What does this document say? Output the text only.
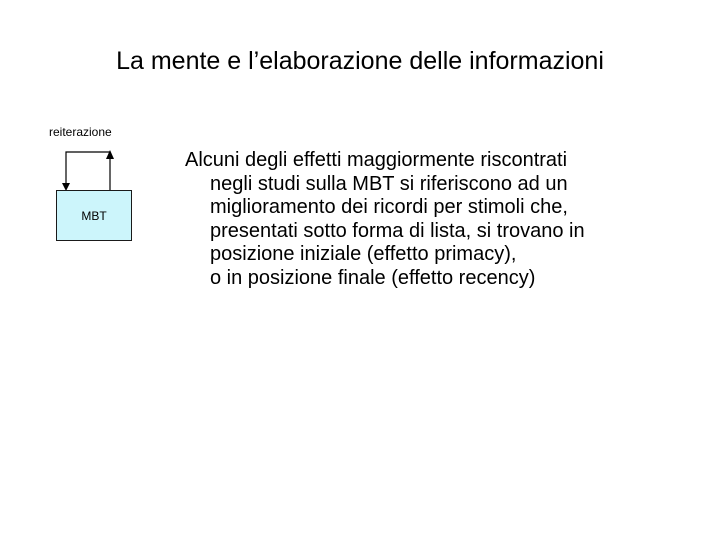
La mente e l’elaborazione delle informazioni
reiterazione
MBT
Alcuni degli effetti maggiormente riscontrati
negli studi sulla MBT si riferiscono ad un
miglioramento dei ricordi per stimoli che,
presentati sotto forma di lista, si trovano in
posizione iniziale (effetto primacy),
o in posizione finale (effetto recency)
